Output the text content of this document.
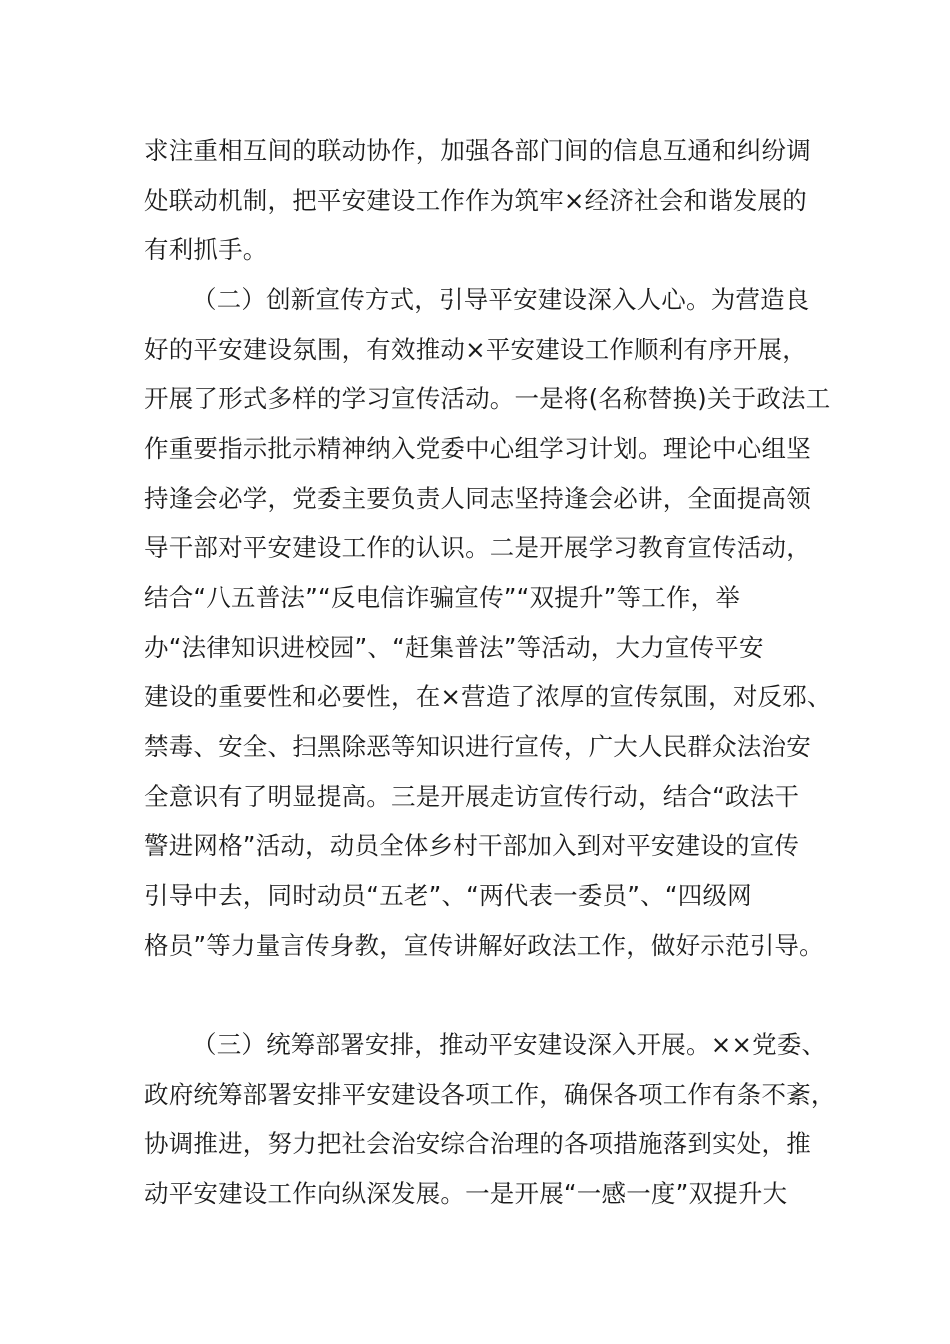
求注重相互间的联动协作，加强各部门间的信息互通和纠纷调
处联动机制，把平安建设工作作为筑牢×经济社会和谐发展的
有利抓手。
（二）创新宣传方式，引导平安建设深入人心。为营造良
好的平安建设氛围，有效推动×平安建设工作顺利有序开展，
开展了形式多样的学习宣传活动。一是将(名称替换)关于政法工
作重要指示批示精神纳入党委中心组学习计划。理论中心组坚
持逢会必学，党委主要负责人同志坚持逢会必讲，全面提高领
导干部对平安建设工作的认识。二是开展学习教育宣传活动，
结合“八五普法”“反电信诈骗宣传”“双提升”等工作，举
办“法律知识进校园”、“赶集普法”等活动，大力宣传平安
建设的重要性和必要性，在×营造了浓厚的宣传氛围，对反邪、
禁毒、安全、扫黑除恶等知识进行宣传，广大人民群众法治安
全意识有了明显提高。三是开展走访宣传行动，结合“政法干
警进网格”活动，动员全体乡村干部加入到对平安建设的宣传
引导中去，同时动员“五老”、“两代表一委员”、“四级网
格员”等力量言传身教，宣传讲解好政法工作，做好示范引导。
（三）统筹部署安排，推动平安建设深入开展。××党委、
政府统筹部署安排平安建设各项工作，确保各项工作有条不紊，
协调推进，努力把社会治安综合治理的各项措施落到实处，推
动平安建设工作向纵深发展。一是开展“一感一度”双提升大
